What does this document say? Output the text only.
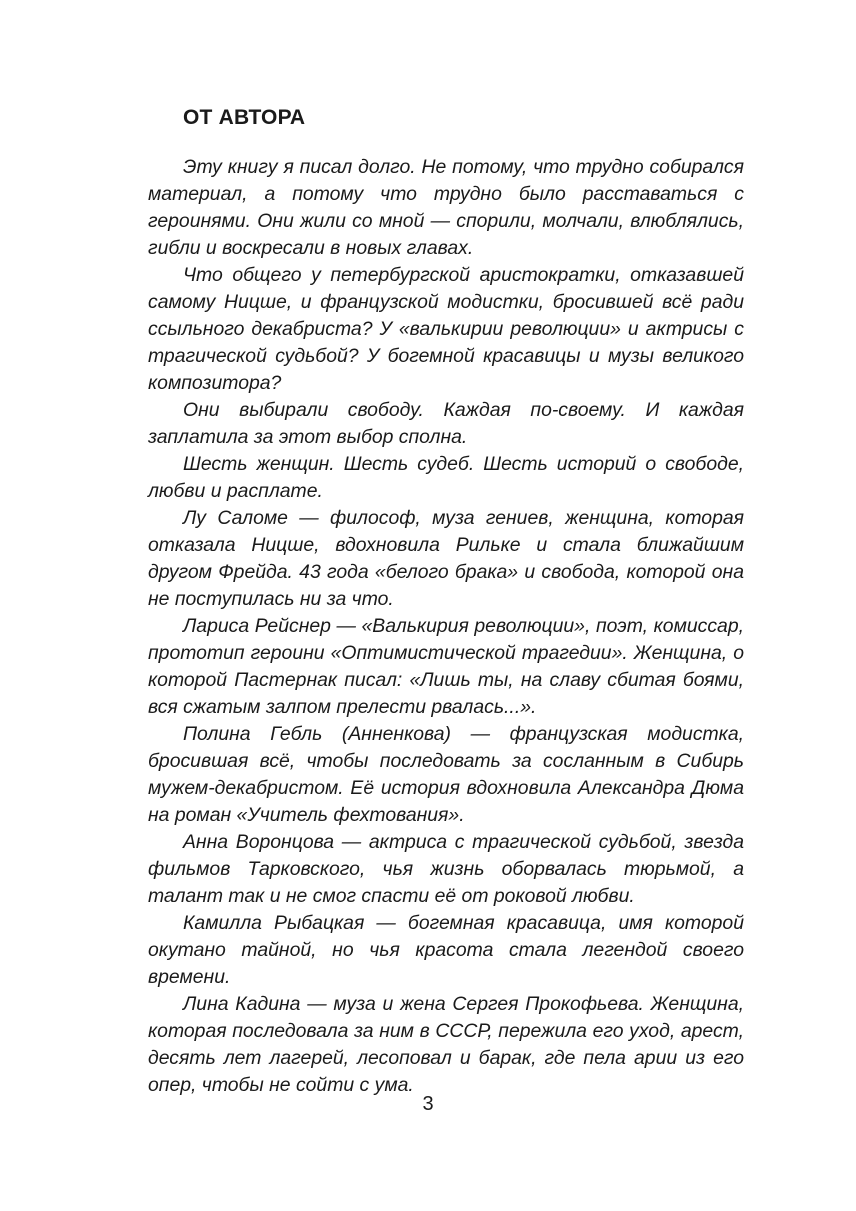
ОТ АВТОРА

Эту книгу я писал долго. Не потому, что трудно собирался материал, а потому что трудно было расставаться с героинями. Они жили со мной — спорили, молчали, влюблялись, гибли и воскресали в новых главах.

Что общего у петербургской аристократки, отказавшей самому Ницше, и французской модистки, бросившей всё ради ссыльного декабриста? У «валькирии революции» и актрисы с трагической судьбой? У богемной красавицы и музы великого композитора?

Они выбирали свободу. Каждая по-своему. И каждая заплатила за этот выбор сполна.

Шесть женщин. Шесть судеб. Шесть историй о свободе, любви и расплате.

Лу Саломе — философ, муза гениев, женщина, которая отказала Ницше, вдохновила Рильке и стала ближайшим другом Фрейда. 43 года «белого брака» и свобода, которой она не поступилась ни за что.

Лариса Рейснер — «Валькирия революции», поэт, комиссар, прототип героини «Оптимистической трагедии». Женщина, о которой Пастернак писал: «Лишь ты, на славу сбитая боями, вся сжатым залпом прелести рвалась...».

Полина Гебль (Анненкова) — французская модистка, бросившая всё, чтобы последовать за сосланным в Сибирь мужем-декабристом. Её история вдохновила Александра Дюма на роман «Учитель фехтования».

Анна Воронцова — актриса с трагической судьбой, звезда фильмов Тарковского, чья жизнь оборвалась тюрьмой, а талант так и не смог спасти её от роковой любви.

Камилла Рыбацкая — богемная красавица, имя которой окутано тайной, но чья красота стала легендой своего времени.

Лина Кадина — муза и жена Сергея Прокофьева. Женщина, которая последовала за ним в СССР, пережила его уход, арест, десять лет лагерей, лесоповал и барак, где пела арии из его опер, чтобы не сойти с ума.

3
